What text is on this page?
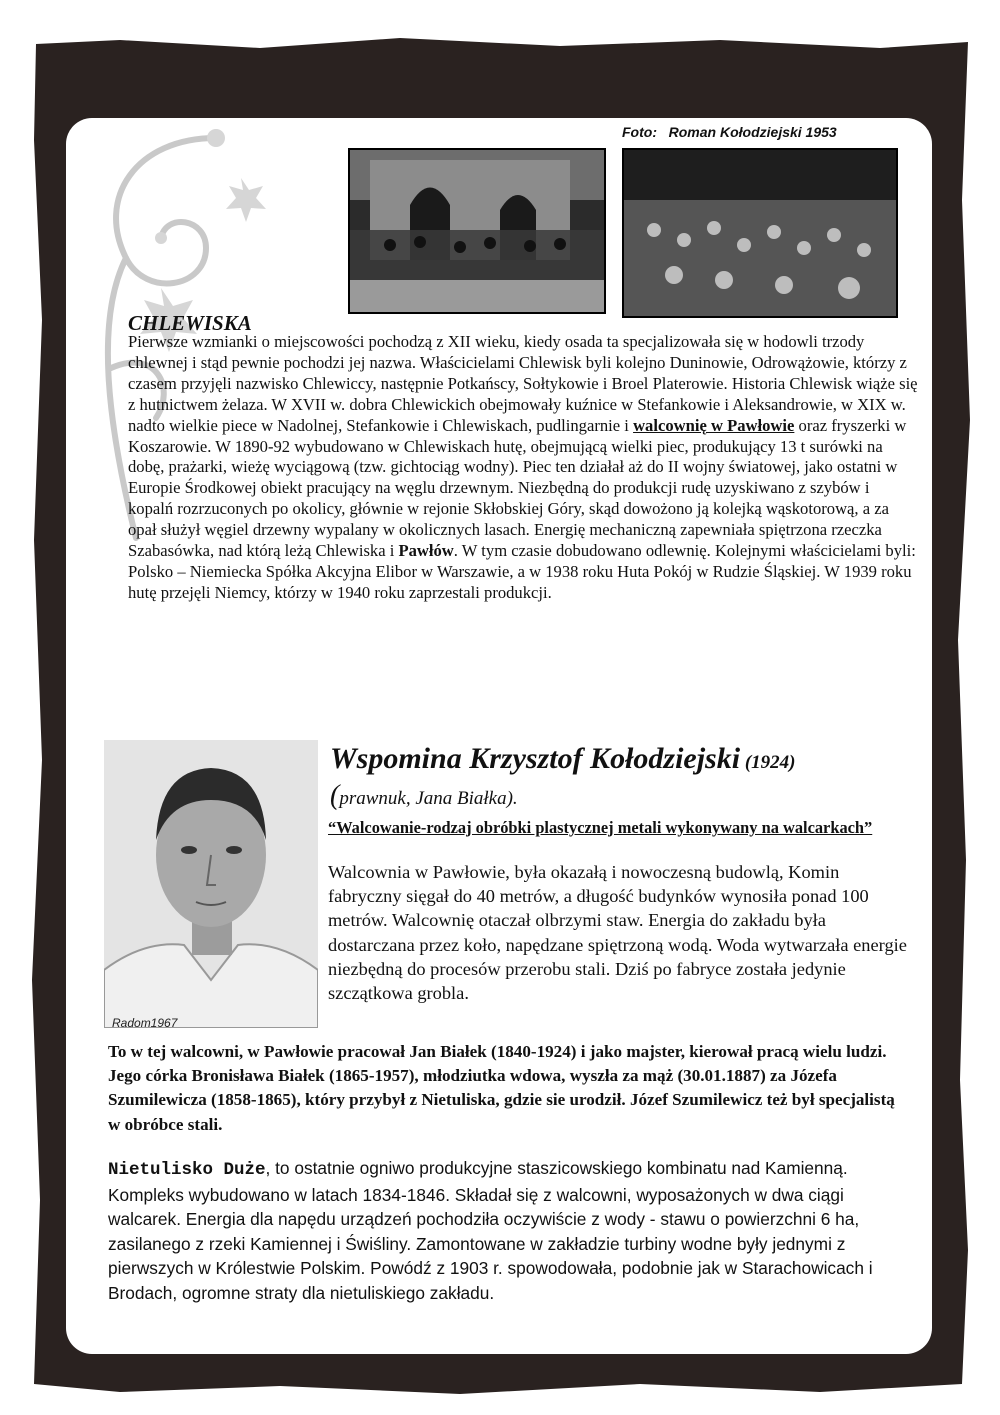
Foto:   Roman Kołodziejski 1953
CHLEWISKA

Pierwsze wzmianki o miejscowości pochodzą z XII wieku, kiedy osada ta specjalizowała się w hodowli trzody chlewnej i stąd pewnie pochodzi jej nazwa. Właścicielami Chlewisk byli kolejno Duninowie, Odrowążowie, którzy z czasem przyjęli nazwisko Chlewiccy, następnie Potkańscy, Sołtykowie i Broel Platerowie. Historia Chlewisk wiąże się z hutnictwem żelaza. W XVII w. dobra Chlewickich obejmowały kuźnice w Stefankowie i Aleksandrowie, w XIX w. nadto wielkie piece w Nadolnej, Stefankowie i Chlewiskach, pudlingarnie i walcownię w Pawłowie oraz fryszerki w Koszarowie. W 1890-92 wybudowano w Chlewiskach hutę, obejmującą wielki piec, produkujący 13 t surówki na dobę, prażarki, wieżę wyciągową (tzw. gichtociąg wodny). Piec ten działał aż do II wojny światowej, jako ostatni w Europie Środkowej obiekt pracujący na węglu drzewnym. Niezbędną do produkcji rudę uzyskiwano z szybów i kopalń rozrzuconych po okolicy, głównie w rejonie Skłobskiej Góry, skąd dowożono ją kolejką wąskotorową, a za opał służył węgiel drzewny wypalany w okolicznych lasach. Energię mechaniczną zapewniała spiętrzona rzeczka Szabasówka, nad którą leżą Chlewiska i Pawłów. W tym czasie dobudowano odlewnię. Kolejnymi właścicielami byli: Polsko – Niemiecka Spółka Akcyjna Elibor w Warszawie, a w 1938 roku Huta Pokój w Rudzie Śląskiej. W 1939 roku hutę przejęli Niemcy, którzy w 1940 roku zaprzestali produkcji.

Radom1967
Wspomina Krzysztof Kołodziejski (1924)
(prawnuk, Jana Białka).
“Walcowanie-rodzaj obróbki plastycznej metali wykonywany na walcarkach”

Walcownia w Pawłowie, była okazałą i nowoczesną budowlą, Komin fabryczny sięgał do 40 metrów, a długość budynków wynosiła ponad 100 metrów. Walcownię otaczał olbrzymi staw. Energia do zakładu była dostarczana przez koło, napędzane spiętrzoną wodą. Woda wytwarzała energie niezbędną do procesów przerobu stali. Dziś po fabryce została jedynie szczątkowa grobla.

To w tej walcowni, w Pawłowie pracował Jan Białek (1840-1924) i jako majster, kierował pracą wielu ludzi. Jego córka Bronisława Białek (1865-1957), młodziutka wdowa, wyszła za mąż (30.01.1887) za Józefa Szumilewicza (1858-1865), który przybył z Nietuliska, gdzie sie urodził. Józef Szumilewicz też był specjalistą w obróbce stali.

Nietulisko Duże, to ostatnie ogniwo produkcyjne staszicowskiego kombinatu nad Kamienną. Kompleks wybudowano w latach 1834-1846. Składał się z walcowni, wyposażonych w dwa ciągi walcarek. Energia dla napędu urządzeń pochodziła oczywiście z wody - stawu o powierzchni 6 ha, zasilanego z rzeki Kamiennej i Świśliny. Zamontowane w zakładzie turbiny wodne były jednymi z pierwszych w Królestwie Polskim. Powódź z 1903 r. spowodowała, podobnie jak w Starachowicach i Brodach, ogromne straty dla nietuliskiego zakładu.
